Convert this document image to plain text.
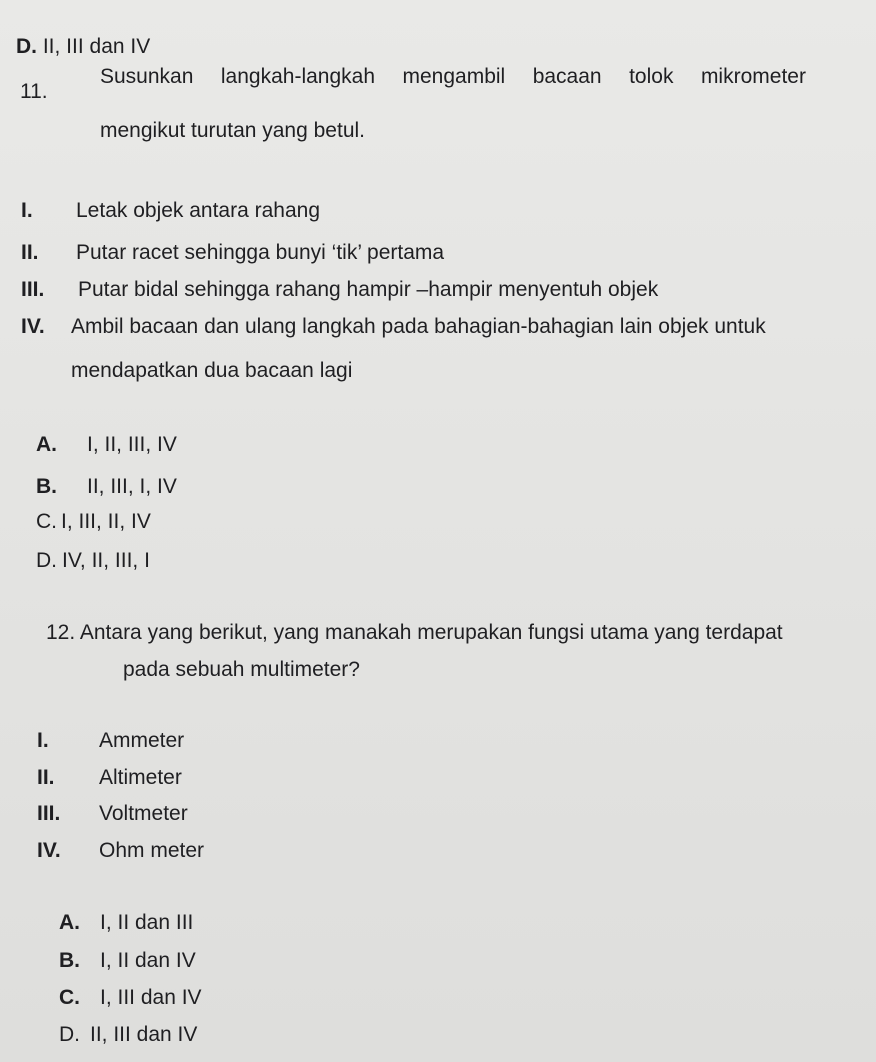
D. II, III dan IV
11.
Susunkan langkah-langkah mengambil bacaan tolok mikrometer
mengikut turutan yang betul.
I. Letak objek antara rahang
II. Putar racet sehingga bunyi ‘tik’ pertama
III. Putar bidal sehingga rahang hampir –hampir menyentuh objek
IV. Ambil bacaan dan ulang langkah pada bahagian-bahagian lain objek untuk
mendapatkan dua bacaan lagi
A. I, II, III, IV
B. II, III, I, IV
C. I, III, II, IV
D. IV, II, III, I
12. Antara yang berikut, yang manakah merupakan fungsi utama yang terdapat
pada sebuah multimeter?
I. Ammeter
II. Altimeter
III. Voltmeter
IV. Ohm meter
A. I, II dan III
B. I, II dan IV
C. I, III dan IV
D. II, III dan IV
